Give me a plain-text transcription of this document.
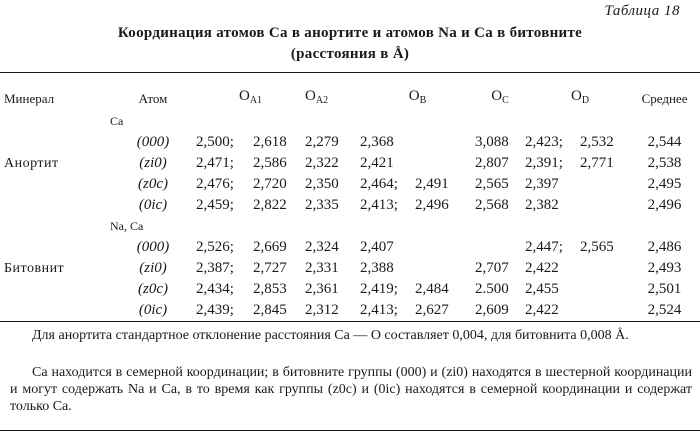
Таблица 18
Координация атомов Ca в анортите и атомов Na и Ca в битовните
(расстояния в Å)
Минерал	Атом	$O_{A1}$		$O_{A2}$	$O_B$		$O_C$	$O_D$		Среднее
	Ca									
	(000)	2,500;	2,618	2,279	2,368		3,088	2,423;	2,532	2,544
Анортит	(zi0)	2,471;	2,586	2,322	2,421		2,807	2,391;	2,771	2,538
	(z0c)	2,476;	2,720	2,350	2,464;	2,491	2,565	2,397		2,495
	(0ic)	2,459;	2,822	2,335	2,413;	2,496	2,568	2,382		2,496
	Na, Ca									
	(000)	2,526;	2,669	2,324	2,407			2,447;	2,565	2,486
Битовнит	(zi0)	2,387;	2,727	2,331	2,388		2,707	2,422		2,493
	(z0c)	2,434;	2,853	2,361	2,419;	2,484	2.500	2,455		2,501
	(0ic)	2,439;	2,845	2,312	2,413;	2,627	2,609	2,422		2,524
Для анортита стандартное отклонение расстояния Ca — O составляет 0,004, для битовнита 0,008 Å.
Ca находится в семерной координации; в битовните группы (000) и (zi0) находятся в шестерной координации и могут содержать Na и Ca, в то время как группы (z0c) и (0ic) находятся в семерной координации и содержат только Ca.
